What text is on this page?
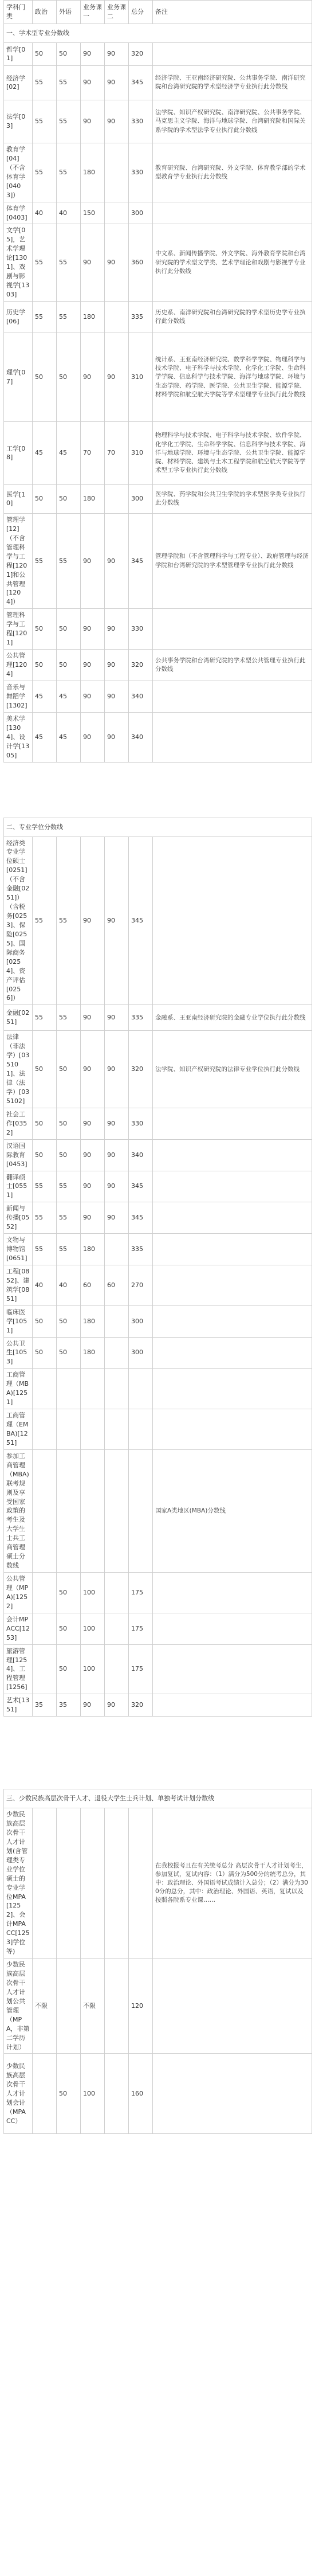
学科门类	政治	外语	业务课一	业务课二	总分	备注
一、学术型专业分数线						
哲学[01]	50	50	90	90	320	
经济学[02]	55	55	90	90	345	经济学院、王亚南经济研究院、公共事务学院、南洋研究院和台湾研究院的学术型经济学专业执行此分数线
法学[03]	55	55	90	90	330	法学院、知识产权研究院、南洋研究院、公共事务学院、马克思主义学院、海洋与地球学院、台湾研究院和国际关系学院的学术型法学专业执行此分数线
教育学[04]（不含体育学[0403]）	55	55	180		330	教育研究院、台湾研究院、外文学院、体育教学部的学术型教育学专业执行此分数线
体育学[0403]	40	40	150		300	
文学[05]，艺术学理论[1301]、戏剧与影视学[1303]	55	55	90	90	360	中文系、新闻传播学院、外文学院、海外教育学院和台湾研究院的学术型文学类、艺术学理论和戏剧与影视学专业执行此分数线
历史学[06]	55	55	180		335	历史系、南洋研究院和台湾研究院的学术型历史学专业执行此分数线
理学[07]	50	50	90	90	310	统计系、王亚南经济研究院、数学科学学院、物理科学与技术学院、电子科学与技术学院、化学化工学院、生命科学学院、信息科学与技术学院、海洋与地球学院、环境与生态学院、药学院、医学院、公共卫生学院、能源学院、材料学院和航空航天学院等学术型理学专业执行此分数线
工学[08]	45	45	70	70	310	物理科学与技术学院、电子科学与技术学院、软件学院、化学化工学院、生命科学学院、信息科学与技术学院、海洋与地球学院、环境与生态学院、公共卫生学院、能源学院、材料学院、建筑与土木工程学院和航空航天学院等学术型工学专业执行此分数线
医学[10]	50	50	180		300	医学院、药学院和公共卫生学院的学术型医学类专业执行此分数线
管理学[12]（不含管理科学与工程[1201]和公共管理[1204]）	55	55	90	90	345	管理学院和（不含管理科学与工程专业）、政府管理与经济学院和台湾研究院的学术型管理学专业执行此分数线
管理科学与工程[1201]	50	50	90	90	330	
公共管理[1204]	50	50	90	90	320	公共事务学院和台湾研究院的学术型公共管理专业执行此分数线
音乐与舞蹈学[1302]	45	45	90	90	340	
美术学[1304]、设计学[1305]	45	45	90	90	340	

二、专业学位分数线						
经济类专业学位硕士[0251]（不含金融[0251]）（含税务[0253]、保险[0255]、国际商务[0254]、资产评估[0256]）	55	55	90	90	345	
金融[0251]	55	55	90	90	335	金融系、王亚南经济研究院的金融专业学位执行此分数线
法律（非法学）[035101]、法律（法学）[035102]	50	50	90	90	320	法学院、知识产权研究院的法律专业学位执行此分数线
社会工作[0352]	50	50	90	90	330	
汉语国际教育[0453]	50	50	90	90	340	
翻译硕士[0551]	55	55	90	90	345	
新闻与传播[0552]	55	55	90	90	345	
文物与博物馆[0651]	55	55	180		335	
工程[0852]、建筑学[0851]	40	40	60	60	270	
临床医学[1051]	50	50	180		300	
公共卫生[1053]	50	50	180		300	
工商管理（MBA)[1251]						
工商管理（EMBA)[1251]						
参加工商管理（MBA)联考规则及享受国家政策的考生及大学生士兵工商管理硕士分数线						国家A类地区(MBA)分数线
公共管理（MPA)[1252]		50	100		175	
会计MPACC[1253]		50	100		175	
旅游管理[1254]、工程管理[1256]		50	100		175	
艺术[1351]	35	35	90	90	320	

三、少数民族高层次骨干人才、退役大学生士兵计划、单独考试计划分数线						
少数民族高层次骨干人才计划(含管理类专业学位硕士的专业学位MPA[1252]、会计MPACC[1253]学位等)						在我校报考且在有关统考总分 高层次骨干人才计划考生，参加复试，复试内容：（1）满分为500分的统考总分，其中：政治理论、外国语考试成绩计入总分；（2）满分为300分的总分，其中：政治理论、外国语、英语，复试以及按照各院系专业课……
少数民族高层次骨干人才计划公共管理（MPA，非第二学历计划）	不限		不限		120	
少数民族高层次骨干人才计划会计（MPACC）		50	100		160	
